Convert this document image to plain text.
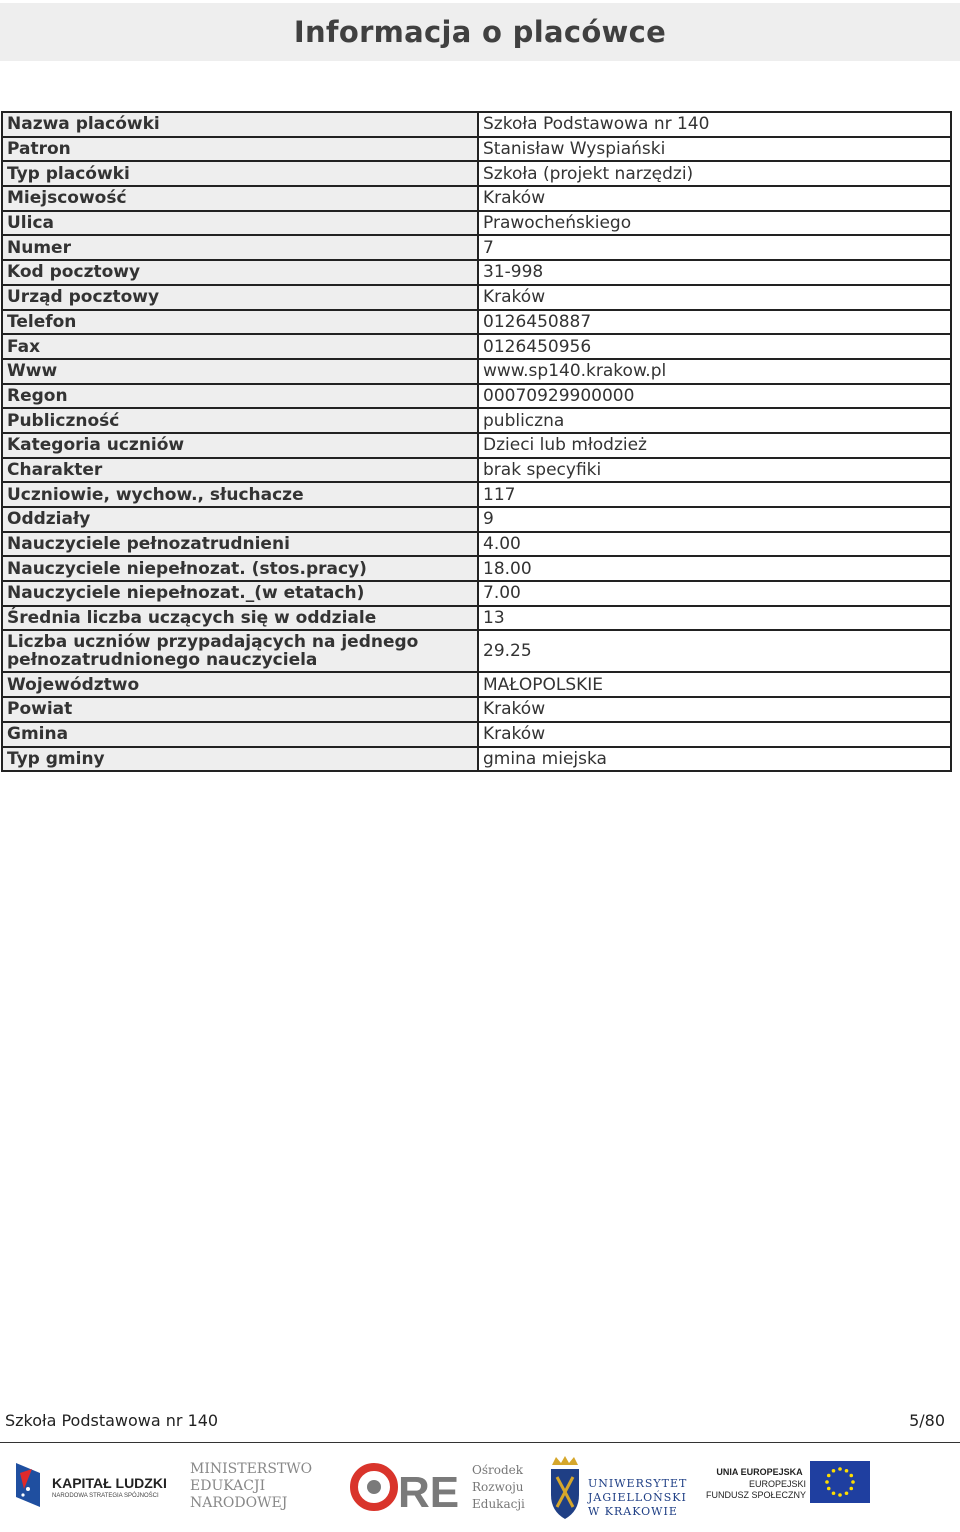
Informacja o placówce
Nazwa placówki	Szkoła Podstawowa nr 140
Patron	Stanisław Wyspiański
Typ placówki	Szkoła (projekt narzędzi)
Miejscowość	Kraków
Ulica	Prawocheńskiego
Numer	7
Kod pocztowy	31-998
Urząd pocztowy	Kraków
Telefon	0126450887
Fax	0126450956
Www	www.sp140.krakow.pl
Regon	00070929900000
Publiczność	publiczna
Kategoria uczniów	Dzieci lub młodzież
Charakter	brak specyfiki
Uczniowie, wychow., słuchacze	117
Oddziały	9
Nauczyciele pełnozatrudnieni	4.00
Nauczyciele niepełnozat. (stos.pracy)	18.00
Nauczyciele niepełnozat._(w etatach)	7.00
Średnia liczba uczących się w oddziale	13
Liczba uczniów przypadających na jednego pełnozatrudnionego nauczyciela	29.25
Województwo	MAŁOPOLSKIE
Powiat	Kraków
Gmina	Kraków
Typ gminy	gmina miejska
Szkoła Podstawowa nr 140	5/80
KAPITAŁ LUDZKI
NARODOWA STRATEGIA SPÓJNOŚCI
MINISTERSTWO
EDUKACJI
NARODOWEJ	RE Ośrodek
Rozwoju
Edukacji
UNIWERSYTET
JAGIELLOŃSKI
W KRAKOWIE
UNIA EUROPEJSKA
EUROPEJSKI
FUNDUSZ SPOŁECZNY
